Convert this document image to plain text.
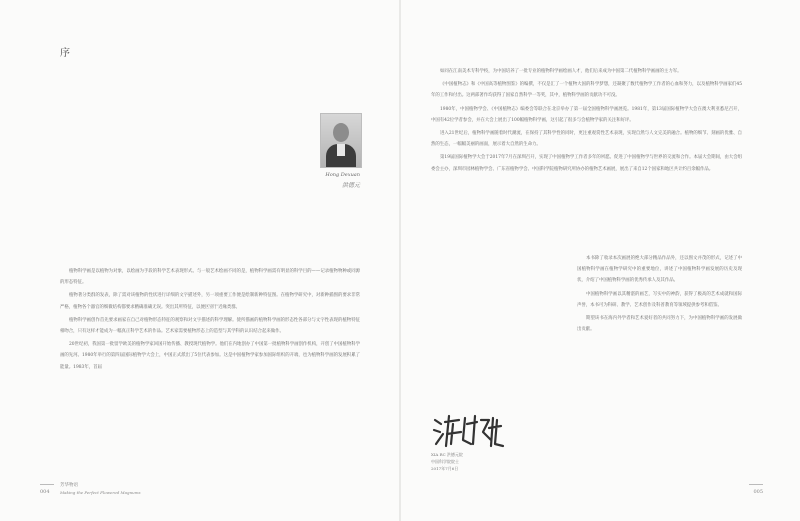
序
Hong Dexuan
洪德元

植物科学画是以植物为对象，以绘画为手段的科学艺术表现形式。与一般艺术绘画不同的是，植物科学画需有明显的科学目的——记录植物物种或同源的形态特征。

植物著分类群的发表，除了需对该植物的性状进行详细的文字描述外，另一项重要工作便是绘制新种特征图。在植物学研究中，对新种插图的要求非常严格，植物各个器官的细微结构都要求精确准确无误。突出其所特征，以便区别于近缘类群。

植物科学画创作首先要求画家在自己对植物形态特征的观察和对文字描述的科学理解。使所描画的植物科学画的形态性各部分与文字性表现的植物特征相吻合，只有这样才能成为一幅真正科学艺术的作品。艺术家需要植物形态上的造型与其学科的认识结合起来做作。

20世纪初，我国第一批留学欧美的植物学家回国开始传播、教授现代植物学。他们在内地创办了中国第一批植物科学画创作机构，开创了中国植物科学画的先河。1980年举行的第四届国际植物学大会上，中国正式派出了5位代表参加。这是中国植物学家参加国际组织的开端，也为植物科学画的发展积累了能量。1983年，首届

004
芳华物语
Making the Perfect Flowered Magnums

如同在江南美术专科学校，为中国培养了一批专业的植物科学画绘画人才，他们后来成为中国第二代植物科学画画的主力军。

《中国植物志》和《中国高等植物图鉴》的编撰，不仅是汇了一个植物大国的科学梦想，还凝聚了数代植物学工作者的心血和努力，以及植物科学画家们45年的工作和付出。这两部著作均获得了国家自然科学一等奖，其中，植物科学画的贡献功不可没。

1980年，中国植物学会、《中国植物志》编委会等联合在北京举办了第一届全国植物科学画展览。1981年，第13届国际植物学大会在澳大利亚悉尼召开，中国有42位学者参会，并在大会上展出了100幅植物科学画，这引起了很多与会植物学家的关注和好评。

进入21世纪后，植物科学画随着时代潮流，在保持了其科学性的同时，更注重观赏性艺术表现，实现自然与人文完美的融合。植物的细节、刻画的优雅、自然的生态，一幅幅美丽的画面，展示着大自然的生命力。

第19届国际植物学大会于2017年7月在深圳召开，实现了中国植物学工作者多年的夙愿。促进了中国植物学与世界的交流和合作。本届大会期间，由大会组委会主办，深圳市园林植物学会、广东省植物学会、中国科学院植物研究所协办的植物艺术画展，展出了来自12个国家和地区共计约百余幅作品。

本书除了收录本次画展的绝大部分精品作品外，还以图文并茂的形式，记述了中国植物科学画在植物学研究中的重要地位，讲述了中国植物科学画发展的历史及现状，介绍了中国植物科学画的优秀传承人及其作品。

中国植物科学画以其精湛的画艺，写实中的神韵，获得了极高的艺术成就和国际声誉，本书可为科研、教学、艺术创作及科普教育等领域提供参考和借鉴。

期望该书在海内外学者和艺术爱好者的共同努力下，为中国植物科学画的发展做出贡献。

XIA RC 洪德元院
中国科学院院士
2017年7月6日
005
